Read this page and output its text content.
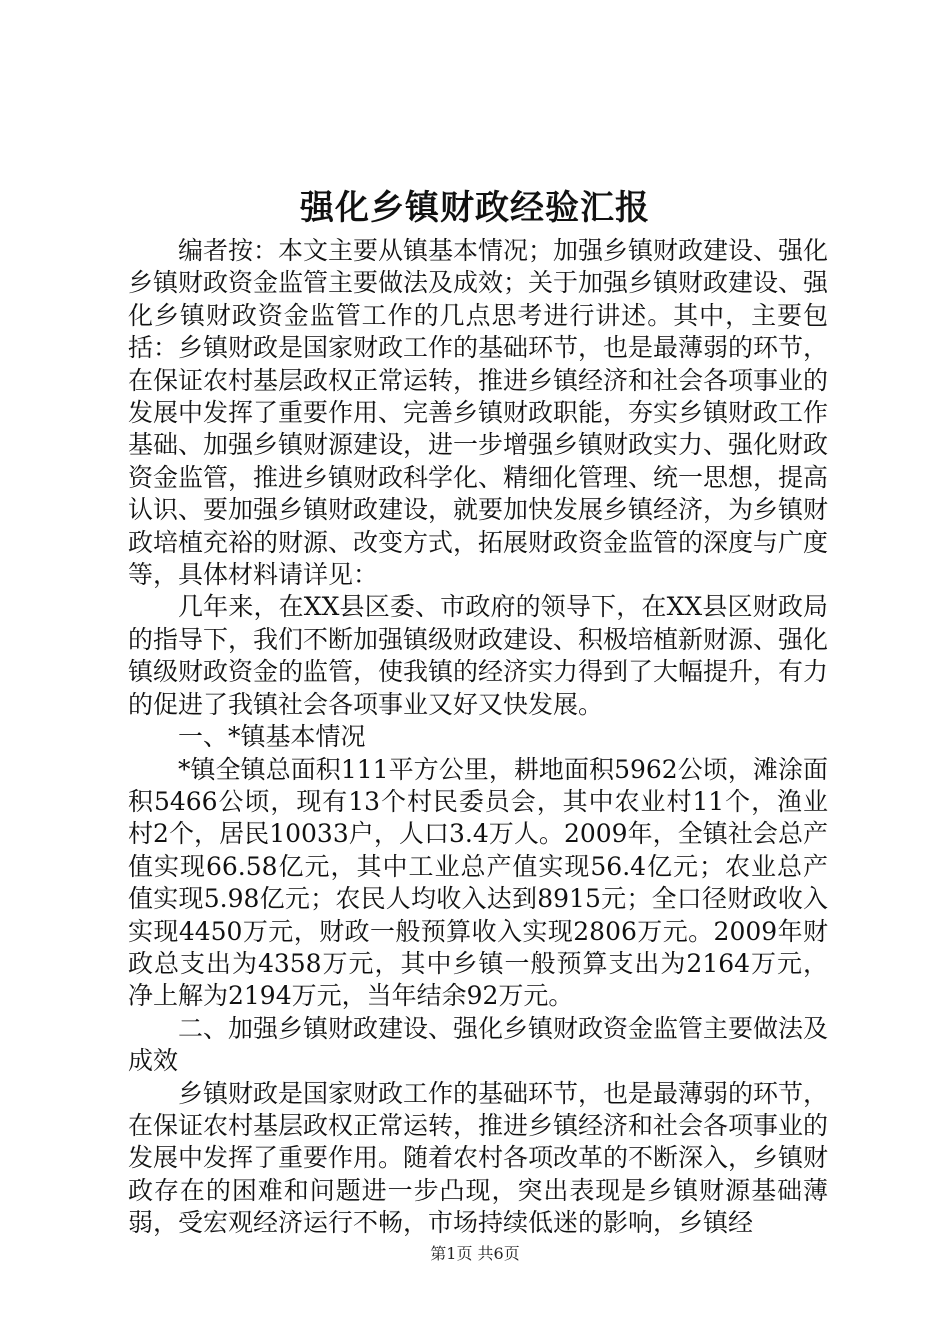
强化乡镇财政经验汇报

编者按：本文主要从镇基本情况；加强乡镇财政建设、强化乡镇财政资金监管主要做法及成效；关于加强乡镇财政建设、强化乡镇财政资金监管工作的几点思考进行讲述。其中，主要包括：乡镇财政是国家财政工作的基础环节，也是最薄弱的环节，在保证农村基层政权正常运转，推进乡镇经济和社会各项事业的发展中发挥了重要作用、完善乡镇财政职能，夯实乡镇财政工作基础、加强乡镇财源建设，进一步增强乡镇财政实力、强化财政资金监管，推进乡镇财政科学化、精细化管理、统一思想，提高认识、要加强乡镇财政建设，就要加快发展乡镇经济，为乡镇财政培植充裕的财源、改变方式，拓展财政资金监管的深度与广度等，具体材料请详见：

几年来，在XX县区委、市政府的领导下，在XX县区财政局的指导下，我们不断加强镇级财政建设、积极培植新财源、强化镇级财政资金的监管，使我镇的经济实力得到了大幅提升，有力的促进了我镇社会各项事业又好又快发展。

一、*镇基本情况

*镇全镇总面积111平方公里，耕地面积5962公顷，滩涂面积5466公顷，现有13个村民委员会，其中农业村11个，渔业村2个，居民10033户，人口3.4万人。2009年，全镇社会总产值实现66.58亿元，其中工业总产值实现56.4亿元；农业总产值实现5.98亿元；农民人均收入达到8915元；全口径财政收入实现4450万元，财政一般预算收入实现2806万元。2009年财政总支出为4358万元，其中乡镇一般预算支出为2164万元，净上解为2194万元，当年结余92万元。

二、加强乡镇财政建设、强化乡镇财政资金监管主要做法及成效

乡镇财政是国家财政工作的基础环节，也是最薄弱的环节，在保证农村基层政权正常运转，推进乡镇经济和社会各项事业的发展中发挥了重要作用。随着农村各项改革的不断深入，乡镇财政存在的困难和问题进一步凸现，突出表现是乡镇财源基础薄弱，受宏观经济运行不畅，市场持续低迷的影响，乡镇经

第1页 共6页
